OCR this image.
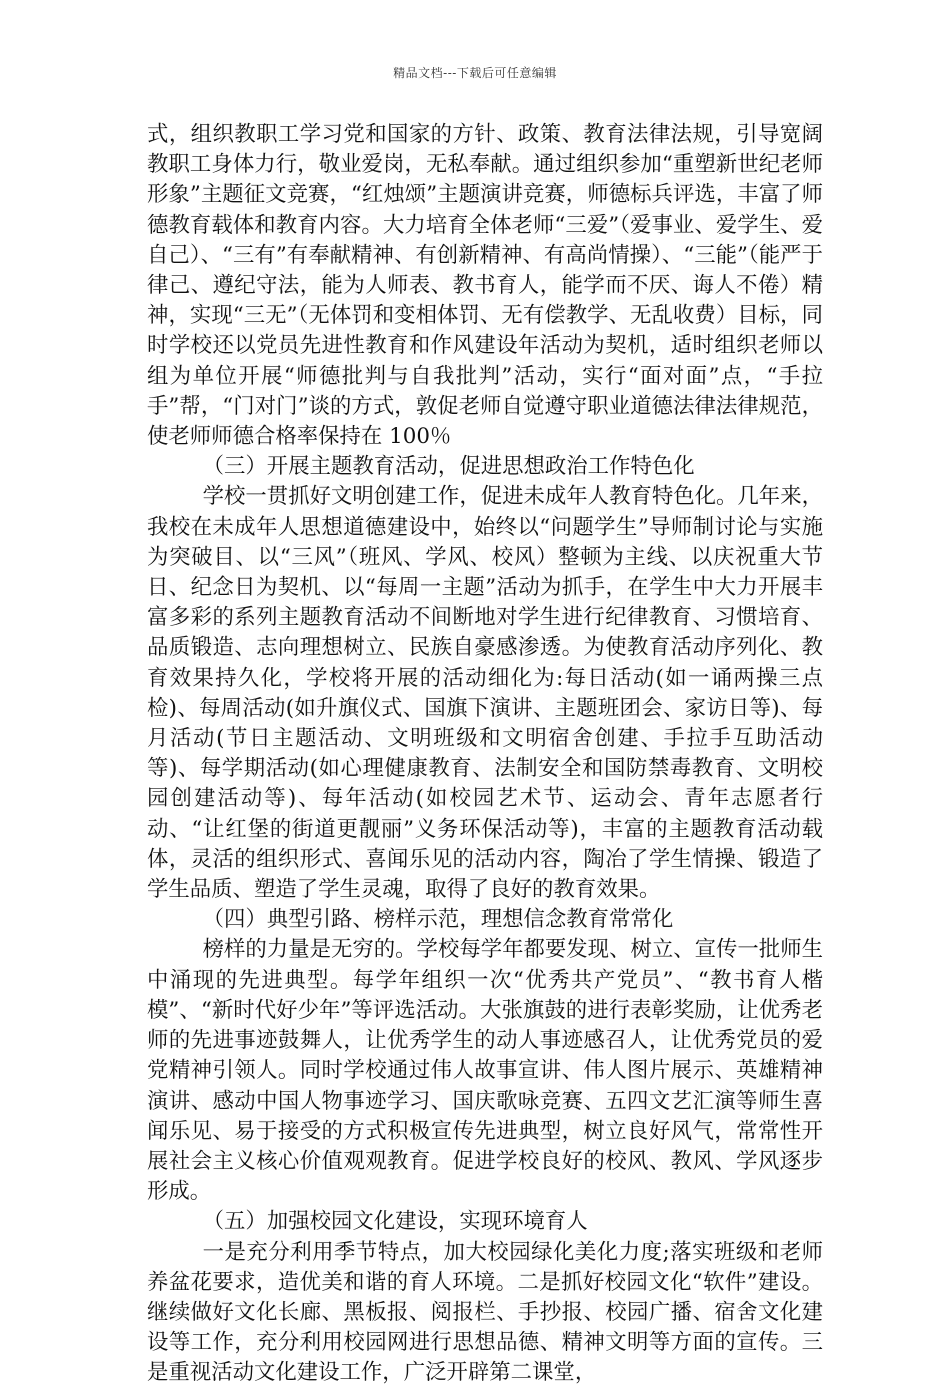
精品文档---下载后可任意编辑

式，组织教职工学习党和国家的方针、政策、教育法律法规，引导宽阔教职工身体力行，敬业爱岗，无私奉献。通过组织参加“重塑新世纪老师形象”主题征文竞赛，“红烛颂”主题演讲竞赛，师德标兵评选，丰富了师德教育载体和教育内容。大力培育全体老师“三爱”（爱事业、爱学生、爱自己）、“三有”有奉献精神、有创新精神、有高尚情操）、“三能”（能严于律己、遵纪守法，能为人师表、教书育人，能学而不厌、诲人不倦）精神，实现“三无”（无体罚和变相体罚、无有偿教学、无乱收费）目标，同时学校还以党员先进性教育和作风建设年活动为契机，适时组织老师以组为单位开展“师德批判与自我批判”活动，实行“面对面”点，“手拉手”帮，“门对门”谈的方式，敦促老师自觉遵守职业道德法律法律规范，使老师师德合格率保持在 100％

（三）开展主题教育活动，促进思想政治工作特色化

学校一贯抓好文明创建工作，促进未成年人教育特色化。几年来，我校在未成年人思想道德建设中，始终以“问题学生”导师制讨论与实施为突破目、以“三风”（班风、学风、校风）整顿为主线、以庆祝重大节日、纪念日为契机、以“每周一主题”活动为抓手，在学生中大力开展丰富多彩的系列主题教育活动不间断地对学生进行纪律教育、习惯培育、品质锻造、志向理想树立、民族自豪感渗透。为使教育活动序列化、教育效果持久化，学校将开展的活动细化为:每日活动(如一诵两操三点检)、每周活动(如升旗仪式、国旗下演讲、主题班团会、家访日等)、每月活动(节日主题活动、文明班级和文明宿舍创建、手拉手互助活动等)、每学期活动(如心理健康教育、法制安全和国防禁毒教育、文明校园创建活动等)、每年活动(如校园艺术节、运动会、青年志愿者行动、“让红堡的街道更靓丽”义务环保活动等)，丰富的主题教育活动载体，灵活的组织形式、喜闻乐见的活动内容，陶冶了学生情操、锻造了学生品质、塑造了学生灵魂，取得了良好的教育效果。

（四）典型引路、榜样示范，理想信念教育常常化

榜样的力量是无穷的。学校每学年都要发现、树立、宣传一批师生中涌现的先进典型。每学年组织一次“优秀共产党员”、“教书育人楷模”、“新时代好少年”等评选活动。大张旗鼓的进行表彰奖励，让优秀老师的先进事迹鼓舞人，让优秀学生的动人事迹感召人，让优秀党员的爱党精神引领人。同时学校通过伟人故事宣讲、伟人图片展示、英雄精神演讲、感动中国人物事迹学习、国庆歌咏竞赛、五四文艺汇演等师生喜闻乐见、易于接受的方式积极宣传先进典型，树立良好风气，常常性开展社会主义核心价值观观教育。促进学校良好的校风、教风、学风逐步形成。

（五）加强校园文化建设，实现环境育人

一是充分利用季节特点，加大校园绿化美化力度;落实班级和老师养盆花要求，造优美和谐的育人环境。二是抓好校园文化“软件”建设。继续做好文化长廊、黑板报、阅报栏、手抄报、校园广播、宿舍文化建设等工作，充分利用校园网进行思想品德、精神文明等方面的宣传。三是重视活动文化建设工作，广泛开辟第二课堂，
